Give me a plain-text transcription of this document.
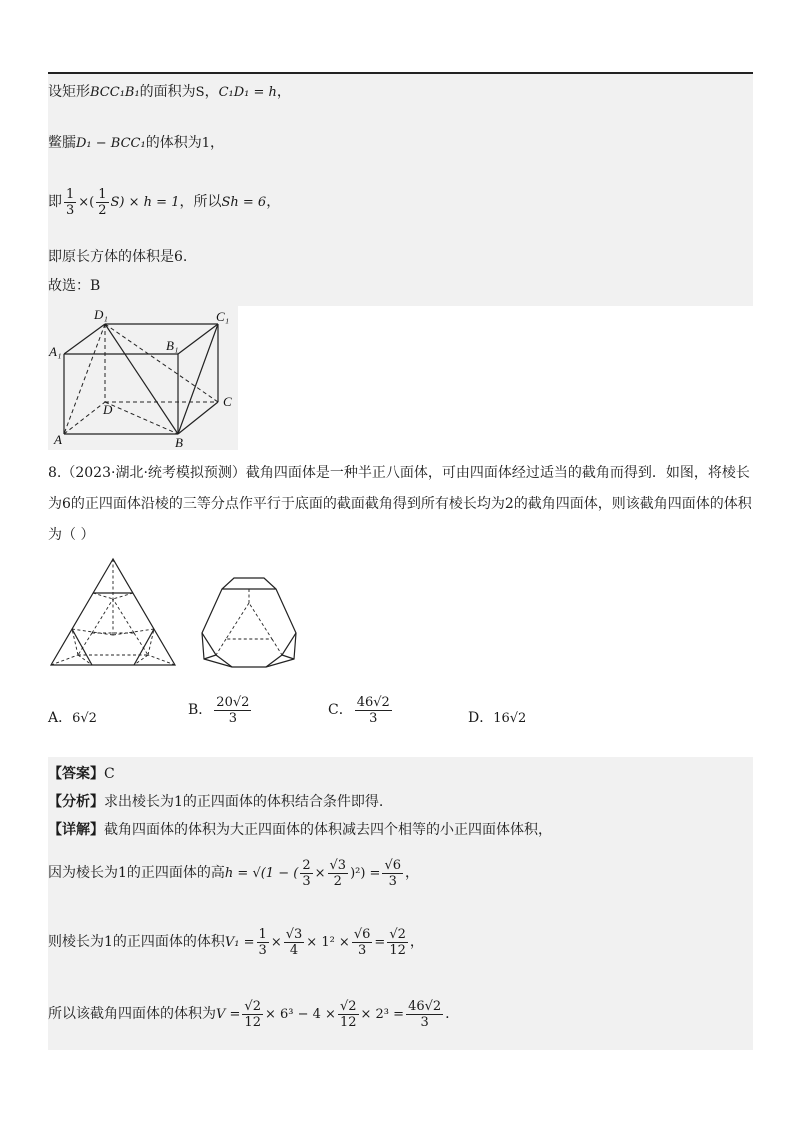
设矩形BCC₁B₁的面积为S，C₁D₁ = h，
鳖臑D₁ − BCC₁的体积为1，
即 $\frac{1}{3}$ ×( $\frac{1}{2} S) \times h = 1$，所以Sh = 6，
即原长方体的体积是6.
故选：B
D₁	C₁
A₁	B₁
D
C
A	B
8.（2023·湖北·统考模拟预测）截角四面体是一种半正八面体，可由四面体经过适当的截角而得到．如图，将棱长为6的正四面体沿棱的三等分点作平行于底面的截面截角得到所有棱长均为2的截角四面体，则该截角四面体的体积为（ ）
A．6√2
B． $\frac{20√2}{3}$	C． $\frac{46√2}{3}$	D．16√2
【答案】C
【分析】求出棱长为1的正四面体的体积结合条件即得.
【详解】截角四面体的体积为大正四面体的体积减去四个相等的小正四面体体积，
因为棱长为1的正四面体的高h = √(1 − ( $\frac{2}{3} \times \frac{√3}{2} )^2) = \frac{√6}{3}$ ，
则棱长为1的正四面体的体积$V_1 = \frac{1}{3} \times \frac{√3}{4} \times 1^2 \times \frac{√6}{3} = \frac{√2}{12}$ ，
所以该截角四面体的体积为$V = \frac{√2}{12} \times 6^3 - 4 \times \frac{√2}{12} \times 2^3 = \frac{46√2}{3}$ .
